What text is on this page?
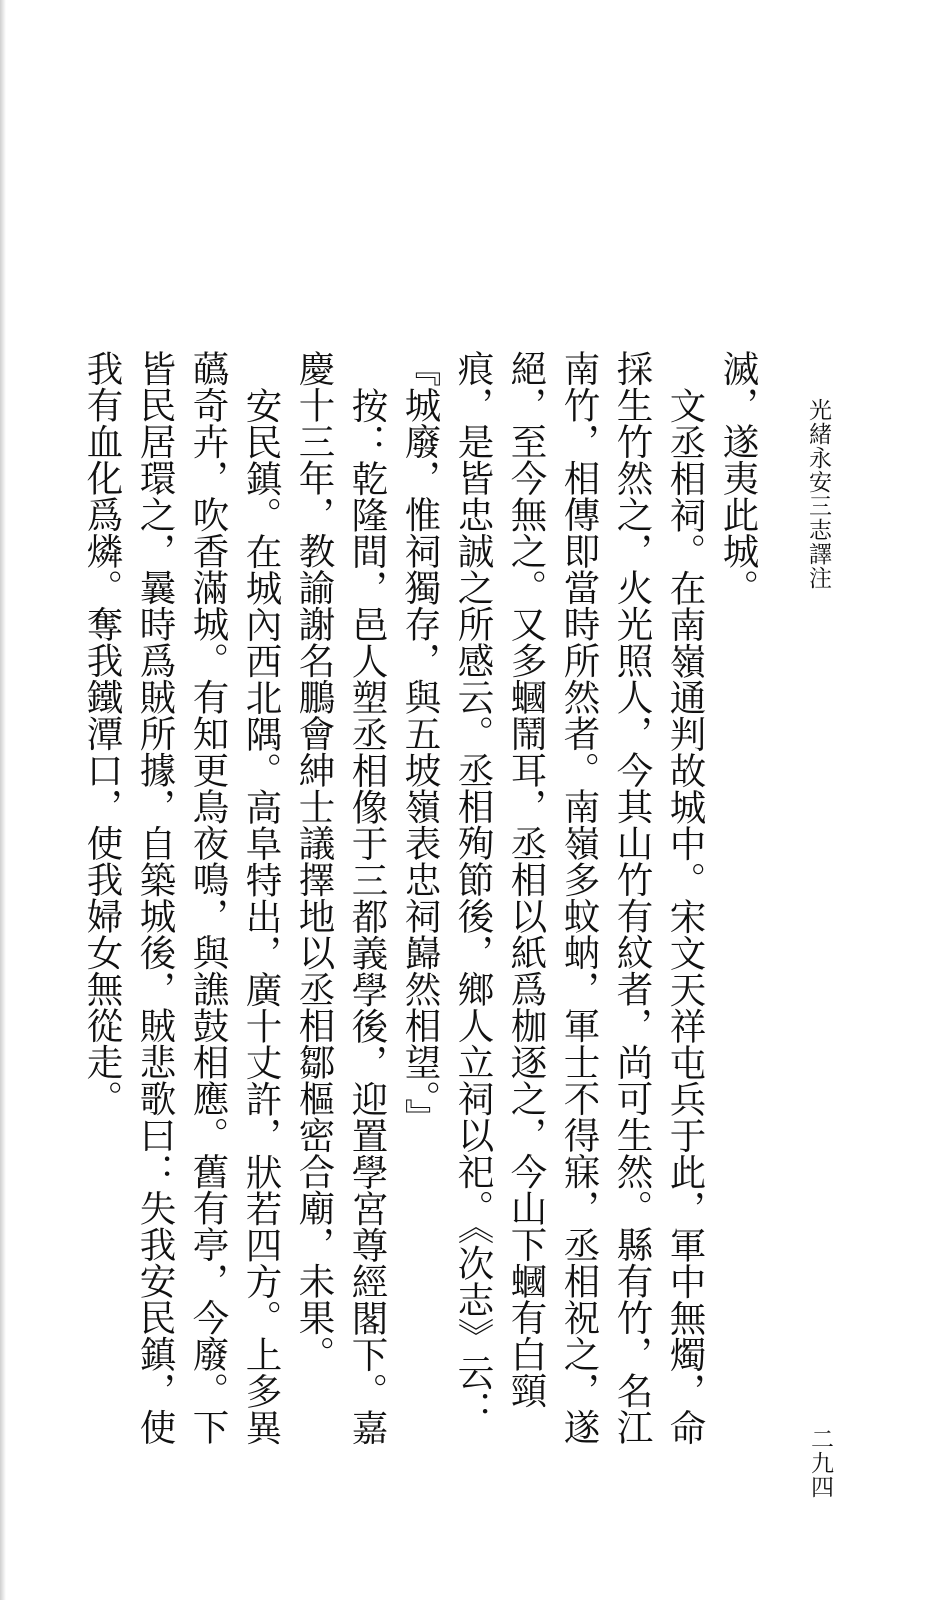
光緒永安三志譯注
二九四

滅，遂夷此城。

文丞相祠。在南嶺通判故城中。宋文天祥屯兵于此，軍中無燭，命採生竹然之，火光照人，今其山竹有紋者，尚可生然。縣有竹，名江南竹，相傳即當時所然者。南嶺多蚊蚋，軍士不得寐，丞相祝之，遂絕，至今無之。又多蟈鬧耳，丞相以紙爲枷逐之，今山下蟈有白頸痕，是皆忠誠之所感云。丞相殉節後，鄉人立祠以祀。《次志》云：『城廢，惟祠獨存，與五坡嶺表忠祠巋然相望。』

按：乾隆間，邑人塑丞相像于三都義學後，迎置學宮尊經閣下。嘉慶十三年，教諭謝名鵬會紳士議擇地以丞相鄒樞密合廟，未果。

安民鎮。在城內西北隅。高阜特出，廣十丈許，狀若四方。上多異蘤奇卉，吹香滿城。有知更鳥夜鳴，與譙鼓相應。舊有亭，今廢。下皆民居環之，曩時爲賊所據，自築城後，賊悲歌曰：失我安民鎮，使我有血化爲燐。奪我鐵潭口，使我婦女無從走。
